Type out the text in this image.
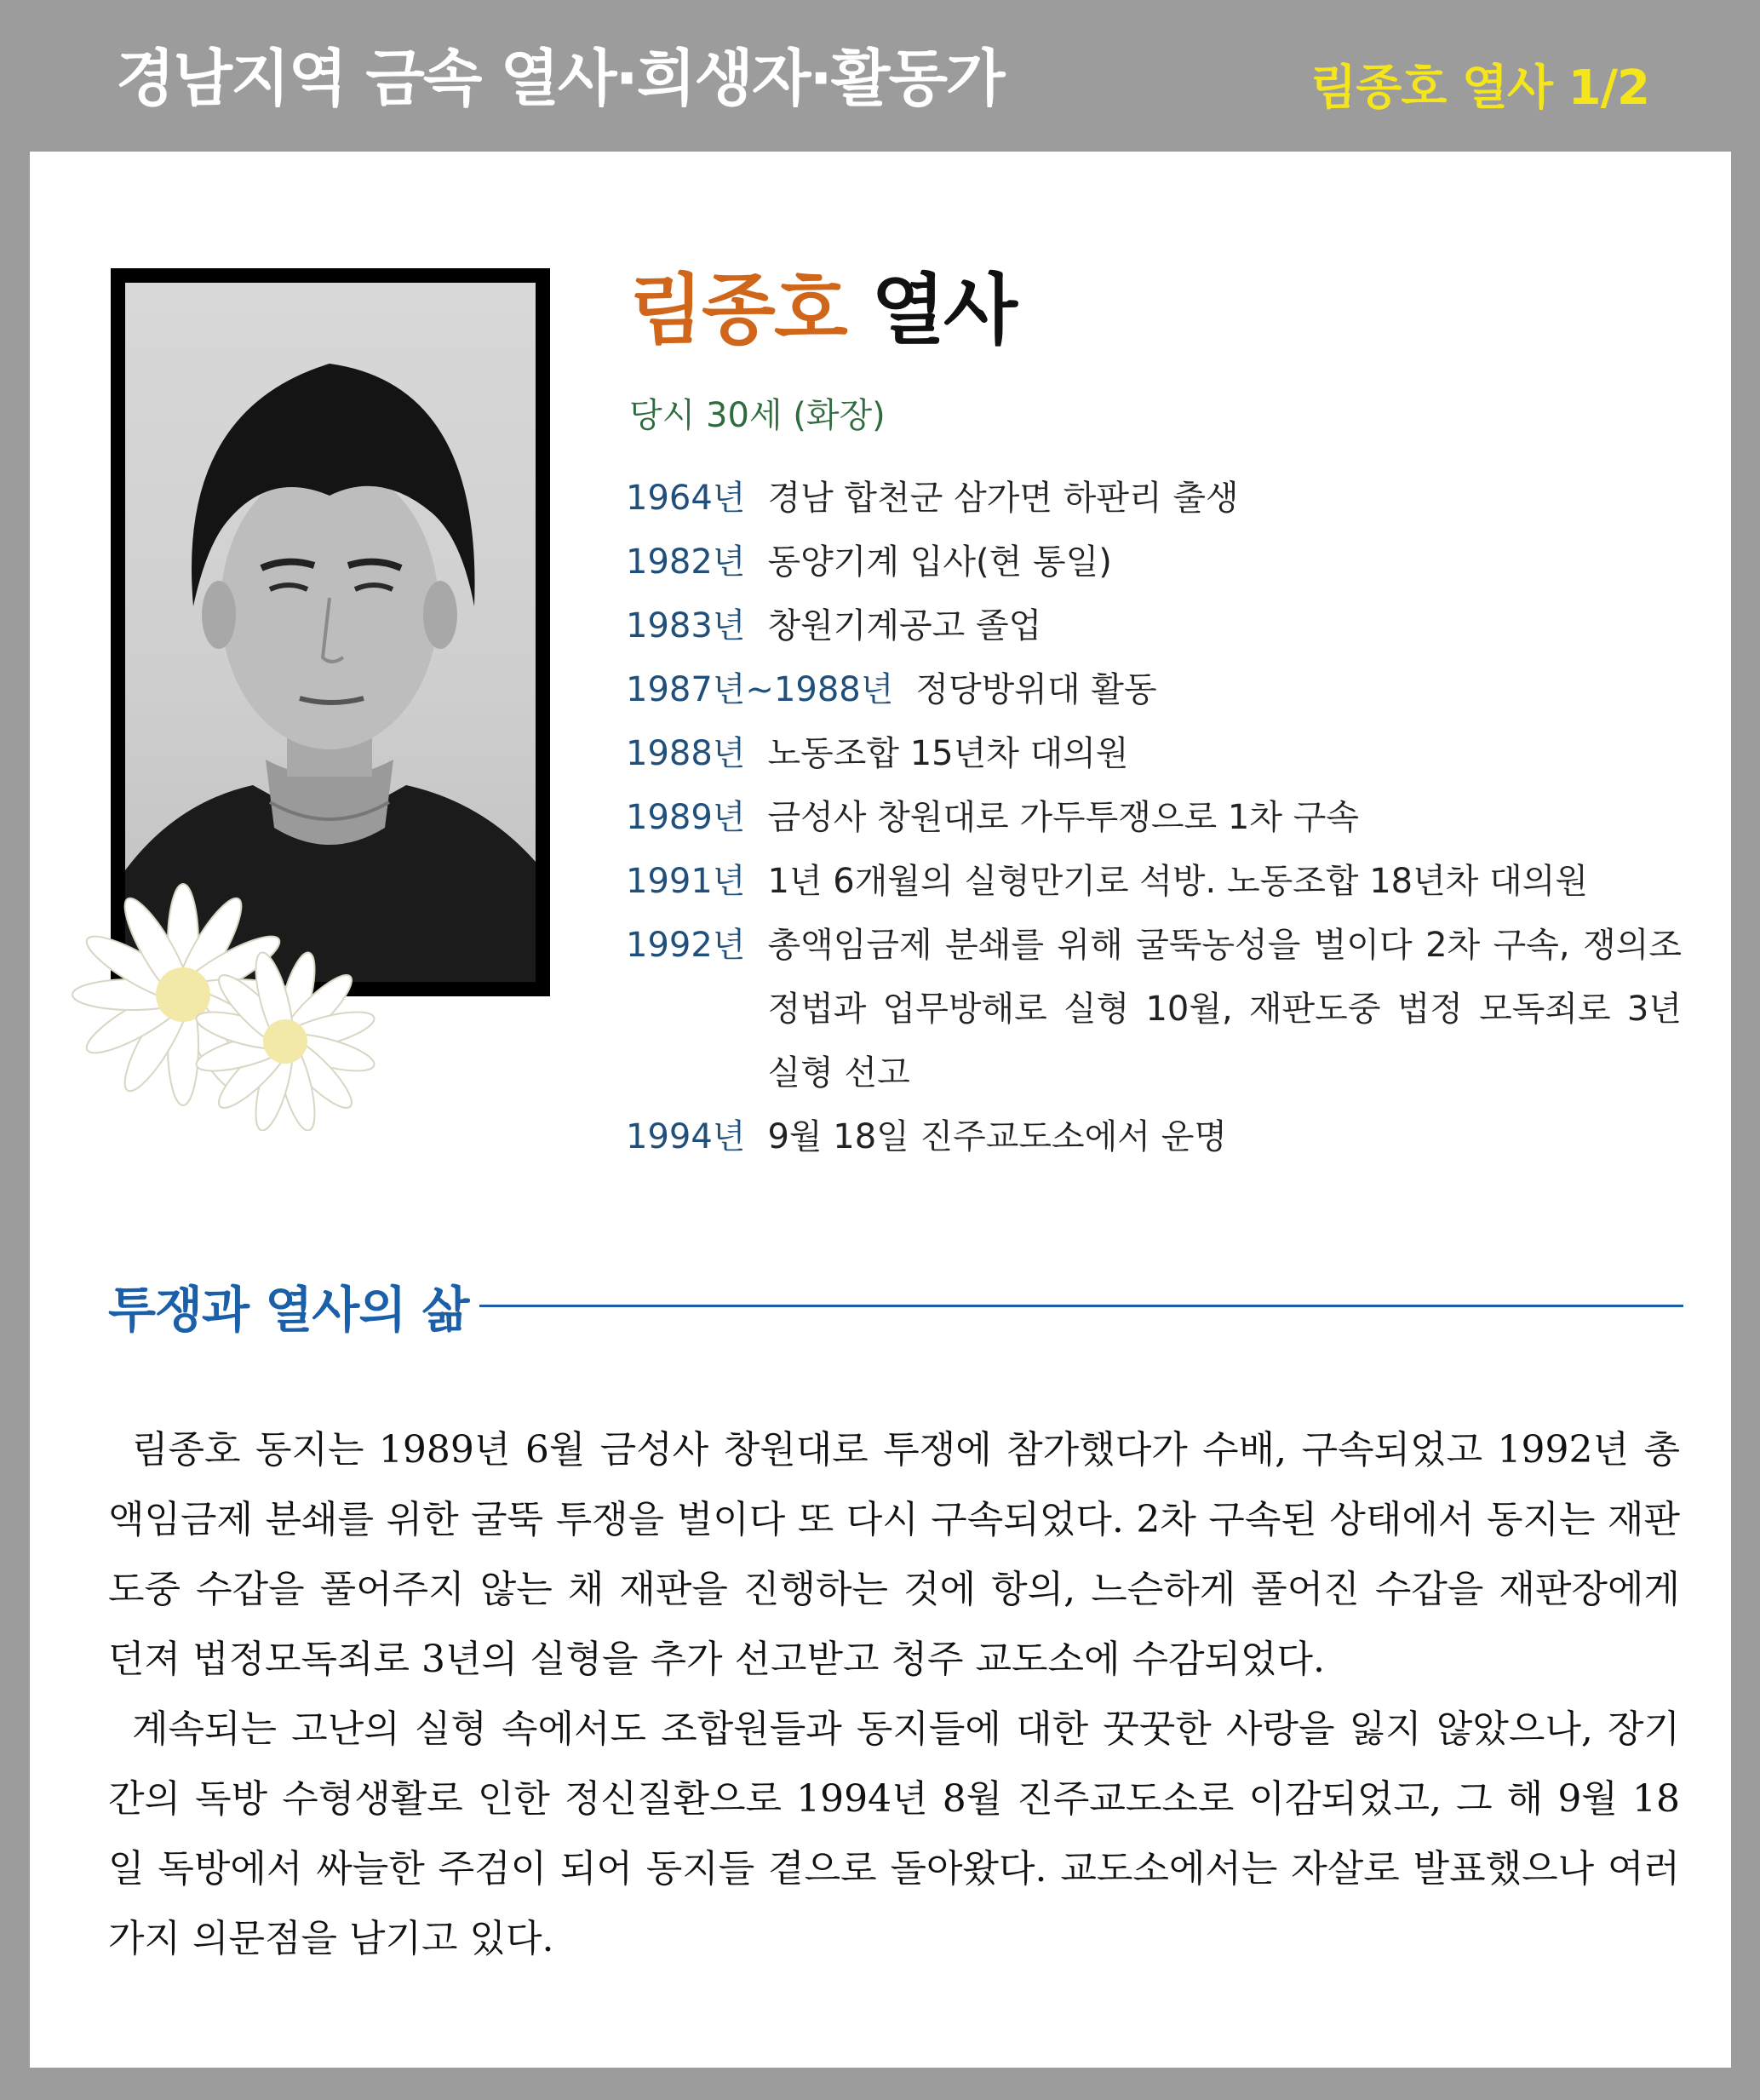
경남지역 금속 열사·희생자·활동가	림종호 열사 1/2
림종호 열사
당시 30세 (화장)
1964년 경남 합천군 삼가면 하판리 출생
1982년 동양기계 입사(현 통일)
1983년 창원기계공고 졸업
1987년~1988년 정당방위대 활동
1988년 노동조합 15년차 대의원
1989년 금성사 창원대로 가두투쟁으로 1차 구속
1991년 1년 6개월의 실형만기로 석방. 노동조합 18년차 대의원
1992년 총액임금제 분쇄를 위해 굴뚝농성을 벌이다 2차 구속, 쟁의조정법과 업무방해로 실형 10월, 재판도중 법정 모독죄로 3년 실형 선고
1994년 9월 18일 진주교도소에서 운명
투쟁과 열사의 삶

림종호 동지는 1989년 6월 금성사 창원대로 투쟁에 참가했다가 수배, 구속되었고 1992년 총액임금제 분쇄를 위한 굴뚝 투쟁을 벌이다 또 다시 구속되었다. 2차 구속된 상태에서 동지는 재판 도중 수갑을 풀어주지 않는 채 재판을 진행하는 것에 항의, 느슨하게 풀어진 수갑을 재판장에게 던져 법정모독죄로 3년의 실형을 추가 선고받고 청주 교도소에 수감되었다.

계속되는 고난의 실형 속에서도 조합원들과 동지들에 대한 꿋꿋한 사랑을 잃지 않았으나, 장기간의 독방 수형생활로 인한 정신질환으로 1994년 8월 진주교도소로 이감되었고, 그 해 9월 18일 독방에서 싸늘한 주검이 되어 동지들 곁으로 돌아왔다. 교도소에서는 자살로 발표했으나 여러 가지 의문점을 남기고 있다.
